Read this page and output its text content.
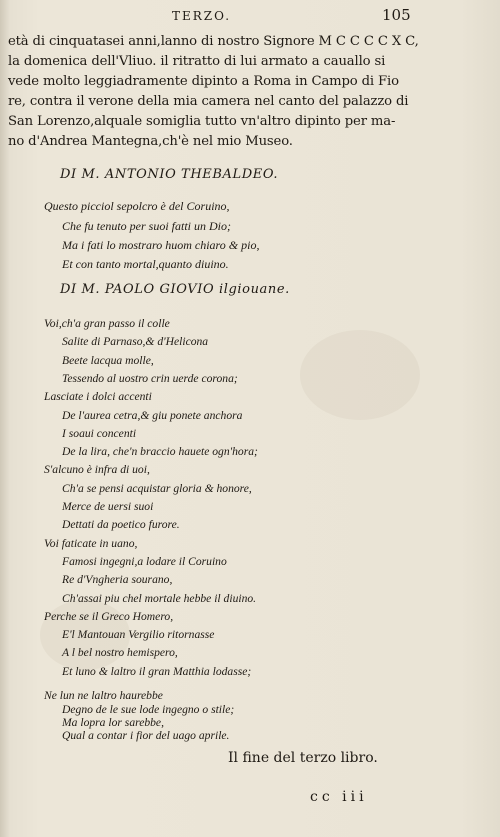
TERZO.	105
età di cinquatasei anni,lanno di nostro Signore M C C C C X C,
la domenica dell'Vliuo. il ritratto di lui armato a cauallo si
vede molto leggiadramente dipinto a Roma in Campo di Fio
re, contra il verone della mia camera nel canto del palazzo di
San Lorenzo,alquale somiglia tutto vn'altro dipinto per ma-
no d'Andrea Mantegna,ch'è nel mio Museo.
DI M. ANTONIO THEBALDEO.
Questo picciol sepolcro è del Coruino,
Che fu tenuto per suoi fatti un Dio;
Ma i fati lo mostraro huom chiaro & pio,
Et con tanto mortal,quanto diuino.
DI M. PAOLO GIOVIO ilgiouane.
Voi,ch'a gran passo il colle
Salite di Parnaso,& d'Helicona
Beete lacqua molle,
Tessendo al uostro crin uerde corona;
Lasciate i dolci accenti
De l'aurea cetra,& giu ponete anchora
I soaui concenti
De la lira, che'n braccio hauete ogn'hora;
S'alcuno è infra di uoi,
Ch'a se pensi acquistar gloria & honore,
Merce de uersi suoi
Dettati da poetico furore.
Voi faticate in uano,
Famosi ingegni,a lodare il Coruino
Re d'Vngheria sourano,
Ch'assai piu chel mortale hebbe il diuino.
Perche se il Greco Homero,
E'l Mantouan Vergilio ritornasse
A l bel nostro hemispero,
Et luno & laltro il gran Matthia lodasse;
Ne lun ne laltro haurebbe
Degno de le sue lode ingegno o stile;
Ma lopra lor sarebbe,
Qual a contar i fior del uago aprile.
Il fine del terzo libro.
cc iii
